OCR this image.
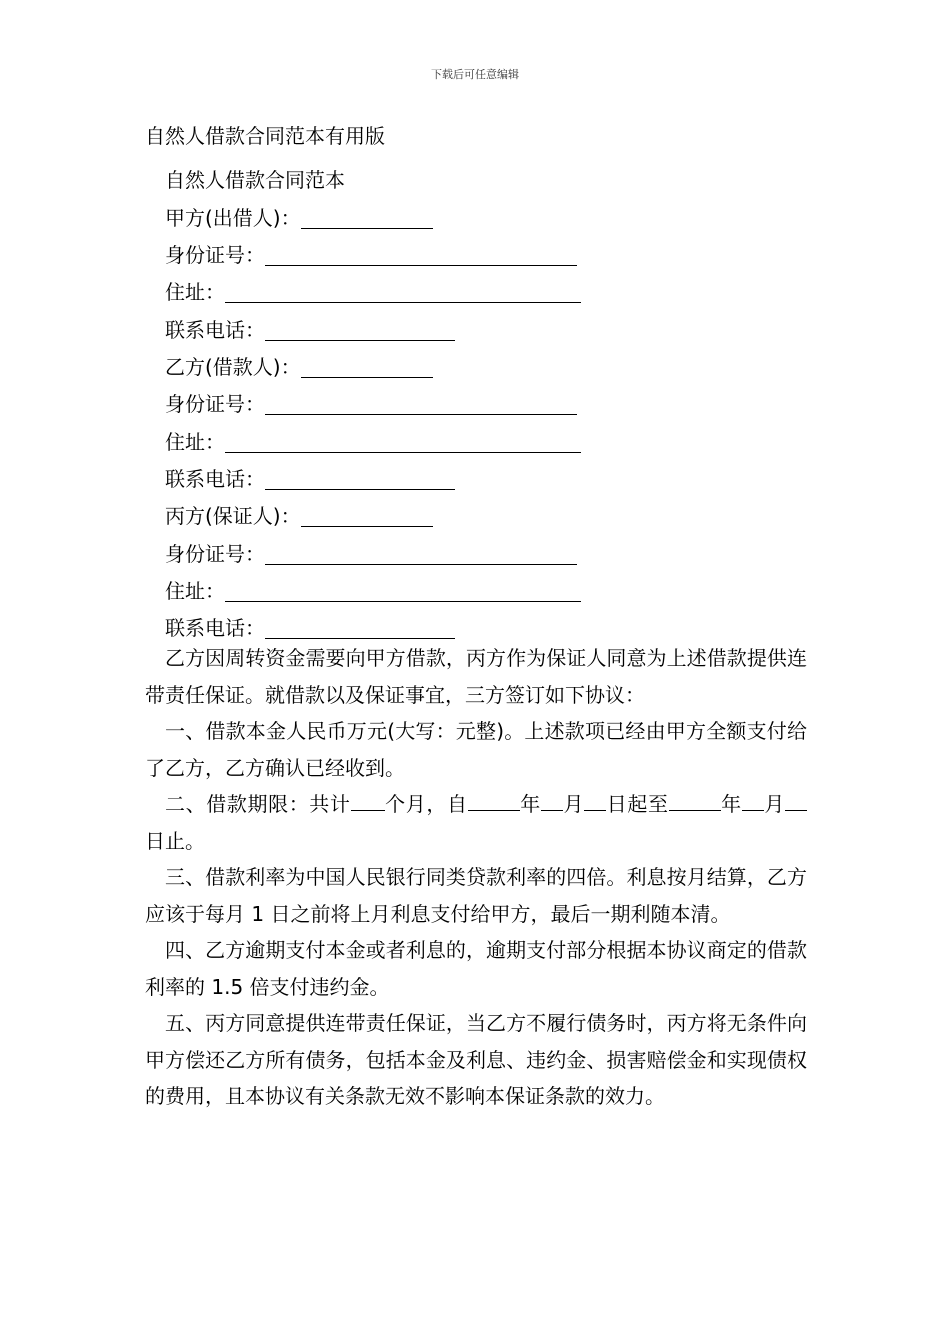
下载后可任意编辑
自然人借款合同范本有用版
自然人借款合同范本
甲方(出借人)：
身份证号：
住址：
联系电话：
乙方(借款人)：
身份证号：
住址：
联系电话：
丙方(保证人)：
身份证号：
住址：
联系电话：

乙方因周转资金需要向甲方借款，丙方作为保证人同意为上述借款提供连带责任保证。就借款以及保证事宜，三方签订如下协议：

一、借款本金人民币万元(大写：元整)。上述款项已经由甲方全额支付给了乙方，乙方确认已经收到。

二、借款期限：共计 个月，自	年 月 日起至	年 月日止。

三、借款利率为中国人民银行同类贷款利率的四倍。利息按月结算，乙方应该于每月 1 日之前将上月利息支付给甲方，最后一期利随本清。

四、乙方逾期支付本金或者利息的，逾期支付部分根据本协议商定的借款利率的 1.5 倍支付违约金。

五、丙方同意提供连带责任保证，当乙方不履行债务时，丙方将无条件向甲方偿还乙方所有债务，包括本金及利息、违约金、损害赔偿金和实现债权的费用，且本协议有关条款无效不影响本保证条款的效力。
